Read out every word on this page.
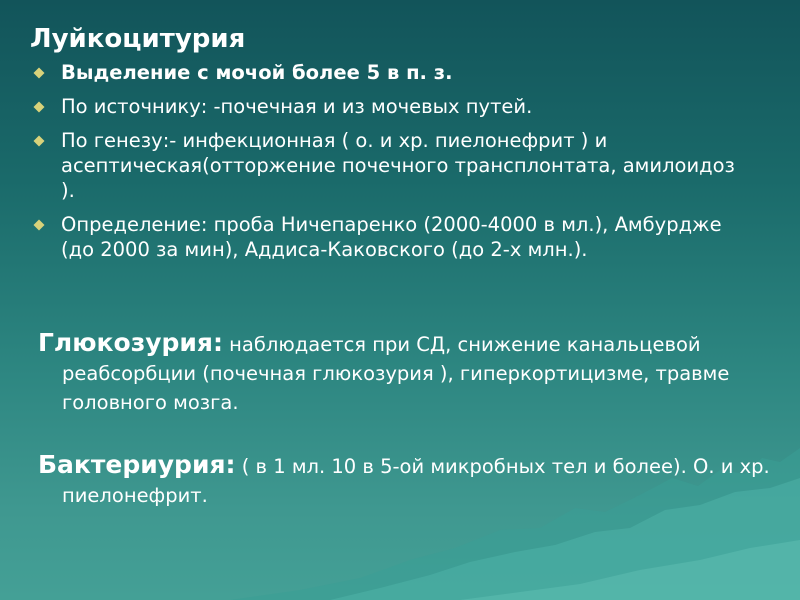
Луйкоцитурия
Выделение с мочой более 5 в п. з.
По источнику: -почечная и из мочевых путей.
По генезу:- инфекционная ( о. и хр. пиелонефрит ) и асептическая(отторжение почечного трансплонтата, амилоидоз ).
Определение: проба Ничепаренко (2000-4000 в мл.), Амбурдже (до 2000 за мин), Аддиса-Каковского (до 2-х млн.).

Глюкозурия: наблюдается при СД, снижение канальцевой реабсорбции (почечная глюкозурия ), гиперкортицизме, травме головного мозга.

Бактериурия: ( в 1 мл. 10 в 5-ой микробных тел и более). О. и хр. пиелонефрит.
